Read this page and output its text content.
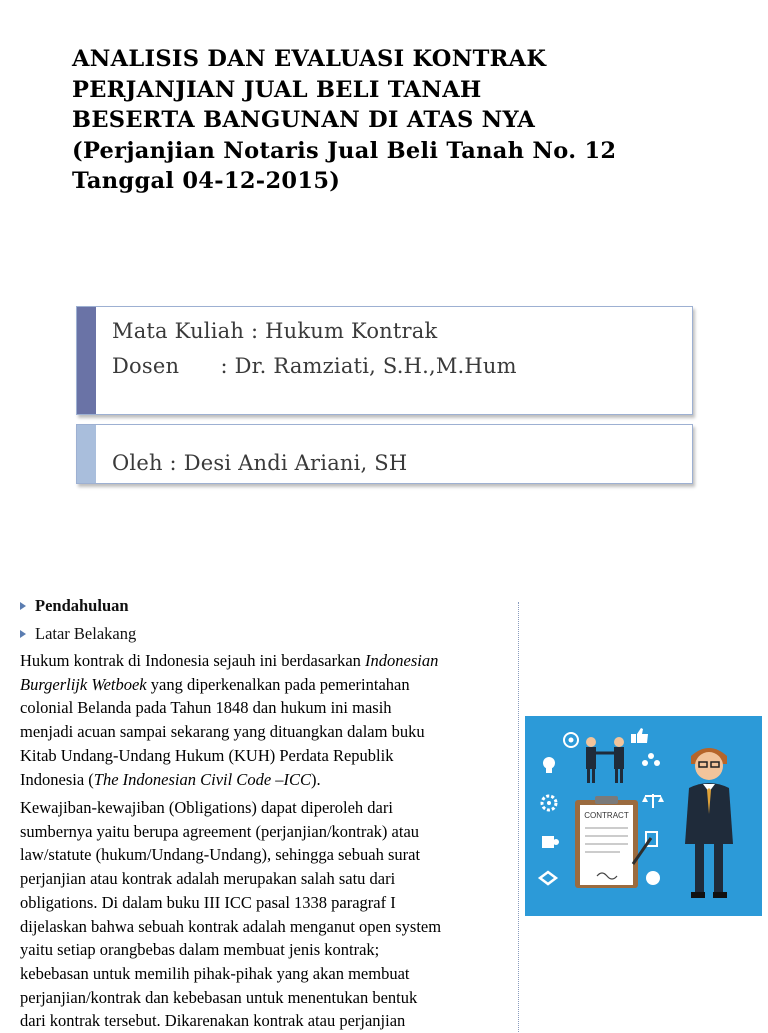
ANALISIS DAN EVALUASI KONTRAK
PERJANJIAN JUAL BELI TANAH
BESERTA BANGUNAN DI ATAS NYA
(Perjanjian Notaris Jual Beli Tanah No. 12
Tanggal 04-12-2015)
Mata Kuliah : Hukum Kontrak
Dosen      : Dr. Ramziati, S.H.,M.Hum
Oleh : Desi Andi Ariani, SH
Pendahuluan
Latar Belakang
Hukum kontrak di Indonesia sejauh ini berdasarkan Indonesian
Burgerlijk Wetboek yang diperkenalkan pada pemerintahan
colonial Belanda pada Tahun 1848 dan hukum ini masih
menjadi acuan sampai sekarang yang dituangkan dalam buku
Kitab Undang-Undang Hukum (KUH) Perdata Republik
Indonesia (The Indonesian Civil Code –ICC).
Kewajiban-kewajiban (Obligations) dapat diperoleh dari
sumbernya yaitu berupa agreement (perjanjian/kontrak) atau
law/statute (hukum/Undang-Undang), sehingga sebuah surat
perjanjian atau kontrak adalah merupakan salah satu dari
obligations. Di dalam buku III ICC pasal 1338 paragraf I
dijelaskan bahwa sebuah kontrak adalah menganut open system
yaitu setiap orangbebas dalam membuat jenis kontrak;
kebebasan untuk memilih pihak-pihak yang akan membuat
perjanjian/kontrak dan kebebasan untuk menentukan bentuk
dari kontrak tersebut. Dikarenakan kontrak atau perjanjian
CONTRACT
